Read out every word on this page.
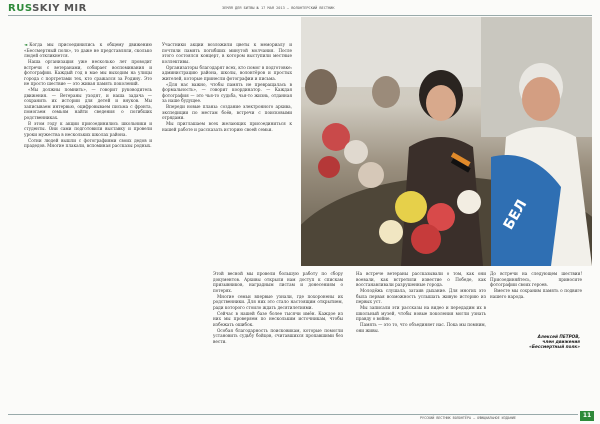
RUSSKIY MIR	ЗЕМЛЯ ДЛЯ БИТВЫ № 17 МАЯ 2013 — ВОЛОНТЕРСКИЙ ВЕСТНИК

◄ Когда мы присоединились к общему движению «Бессмертный полк», то даже не представляли, сколько людей откликнется.

Наша организация уже несколько лет проводит встречи с ветеранами, собирает воспоминания и фотографии. Каждый год в мае мы выходим на улицы города с портретами тех, кто сражался за Родину. Это не просто шествие — это живая память поколений.

«Мы должны помнить», — говорит руководитель движения. — Ветераны уходят, и наша задача — сохранить их истории для детей и внуков. Мы записываем интервью, оцифровываем письма с фронта, помогаем семьям найти сведения о погибших родственниках.

В этом году к акции присоединились школьники и студенты. Они сами подготовили выставку и провели уроки мужества в нескольких школах района.

Сотни людей вышли с фотографиями своих дедов и прадедов. Многие плакали, вспоминая рассказы родных.

Участники акции возложили цветы к мемориалу и почтили память погибших минутой молчания. После этого состоялся концерт, в котором выступили местные коллективы.

Организаторы благодарят всех, кто помог в подготовке: администрацию района, школы, волонтёров и простых жителей, которые принесли фотографии и письма.

«Для нас важно, чтобы память не превращалась в формальность», — говорит координатор. — Каждая фотография — это чья-то судьба, чья-то жизнь, отданная за наше будущее.

Впереди новые планы: создание электронного архива, экспедиции по местам боёв, встречи с поисковыми отрядами.

Мы приглашаем всех желающих присоединиться к нашей работе и рассказать историю своей семьи.

БЕЛ

Этой весной мы провели большую работу по сбору документов. Архивы открыли нам доступ к спискам призывников, наградным листам и донесениям о потерях.

Многие семьи впервые узнали, где похоронены их родственники. Для них это стало настоящим открытием, ради которого стоило ждать десятилетиями.

Сейчас в нашей базе более тысячи имён. Каждое из них мы проверяем по нескольким источникам, чтобы избежать ошибок.

Особая благодарность поисковикам, которые помогли установить судьбу бойцов, считавшихся пропавшими без вести.

На встрече ветераны рассказывали о том, как они воевали, как встретили известие о Победе, как восстанавливали разрушенные города.

Молодёжь слушала, затаив дыхание. Для многих это была первая возможность услышать живую историю из первых уст.

Мы записали эти рассказы на видео и передадим их в школьный музей, чтобы новые поколения могли узнать правду о войне.

Память — это то, что объединяет нас. Пока мы помним, они живы.

До встречи на следующем шествии! Присоединяйтесь, приносите фотографии своих героев.

Вместе мы сохраним память о подвиге нашего народа.

Алексей ПЕТРОВ,
член движения
«Бессмертный полк»
РУССКИЙ ВЕСТНИК ВОЛОНТЁРА — ОФИЦИАЛЬНОЕ ИЗДАНИЕ	11
